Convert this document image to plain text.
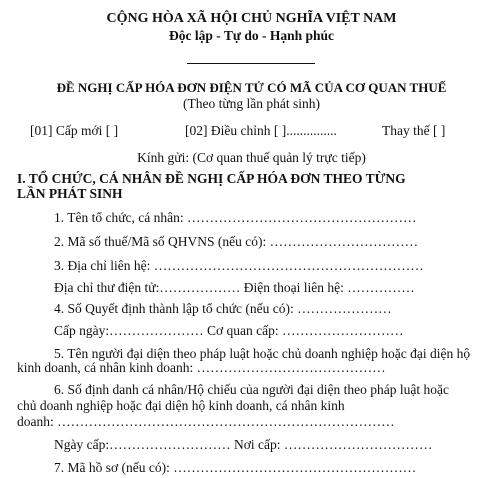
CỘNG HÒA XÃ HỘI CHỦ NGHĨA VIỆT NAM
Độc lập - Tự do - Hạnh phúc
ĐỀ NGHỊ CẤP HÓA ĐƠN ĐIỆN TỬ CÓ MÃ CỦA CƠ QUAN THUẾ
(Theo từng lần phát sinh)
[01] Cấp mới [ ]	[02] Điều chỉnh [ ]...............	Thay thế [ ]
Kính gửi: (Cơ quan thuế quản lý trực tiếp)
I. TỔ CHỨC, CÁ NHÂN ĐỀ NGHỊ CẤP HÓA ĐƠN THEO TỪNG
LẦN PHÁT SINH
1. Tên tổ chức, cá nhân: ……………………………………………
2. Mã số thuế/Mã số QHVNS (nếu có): ……………………………
3. Địa chỉ liên hệ: ……………………………………………………
Địa chỉ thư điện tử:……………… Điện thoại liên hệ: ……………
4. Số Quyết định thành lập tổ chức (nếu có): …………………
Cấp ngày:………………… Cơ quan cấp: ………………………
5. Tên người đại diện theo pháp luật hoặc chủ doanh nghiệp hoặc đại diện hộ
kinh doanh, cá nhân kinh doanh: ……………………………………
6. Số định danh cá nhân/Hộ chiếu của người đại diện theo pháp luật hoặc
chủ doanh nghiệp hoặc đại diện hộ kinh doanh, cá nhân kinh
doanh: …………………………………………………………………
Ngày cấp:……………………… Nơi cấp: ……………………………
7. Mã hồ sơ (nếu có): ………………………………………………
